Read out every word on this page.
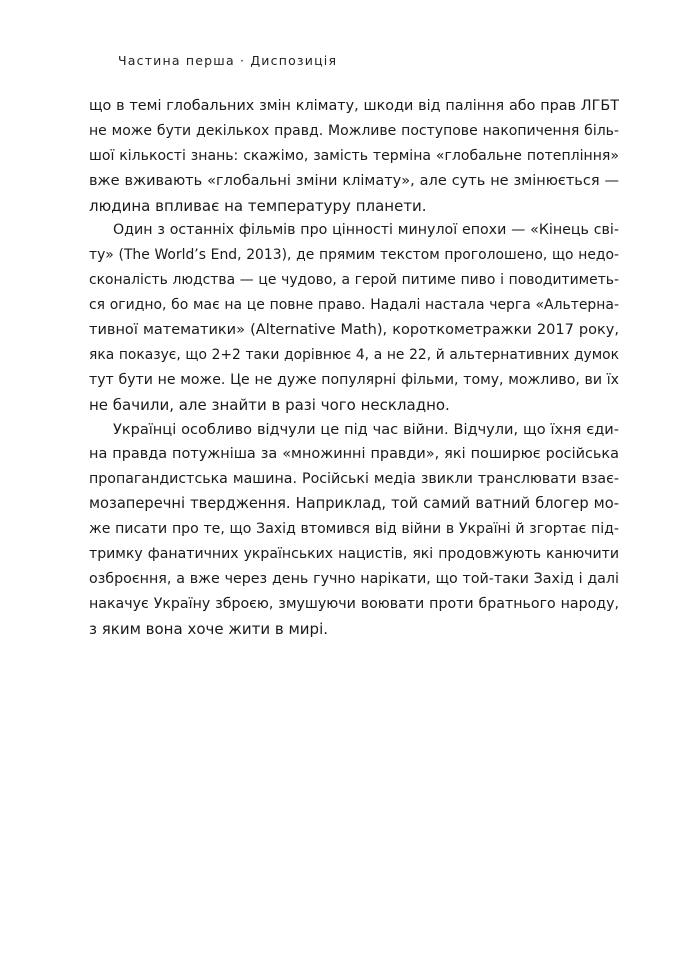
Частина перша · Диспозиція
що в темі глобальних змін клімату, шкоди від паління або прав ЛГБТ
не може бути декількох правд. Можливе поступове накопичення біль-
шої кількості знань: скажімо, замість терміна «глобальне потепління»
вже вживають «глобальні зміни клімату», але суть не змінюється —
людина впливає на температуру планети.
Один з останніх фільмів про цінності минулої епохи — «Кінець сві-
ту» (The World’s End, 2013), де прямим текстом проголошено, що недо-
сконалість людства — це чудово, а герой питиме пиво і поводитиметь-
ся огидно, бо має на це повне право. Надалі настала черга «Альтерна-
тивної математики» (Alternative Math), короткометражки 2017 року,
яка показує, що 2+2 таки дорівнює 4, а не 22, й альтернативних думок
тут бути не може. Це не дуже популярні фільми, тому, можливо, ви їх
не бачили, але знайти в разі чого нескладно.
Українці особливо відчули це під час війни. Відчули, що їхня єди-
на правда потужніша за «множинні правди», які поширює російська
пропагандистська машина. Російські медіа звикли транслювати взає-
мозаперечні твердження. Наприклад, той самий ватний блогер мо-
же писати про те, що Захід втомився від війни в Україні й згортає під-
тримку фанатичних українських нацистів, які продовжують канючити
озброєння, а вже через день гучно нарікати, що той-таки Захід і далі
накачує Україну зброєю, змушуючи воювати проти братнього народу,
з яким вона хоче жити в мирі.
